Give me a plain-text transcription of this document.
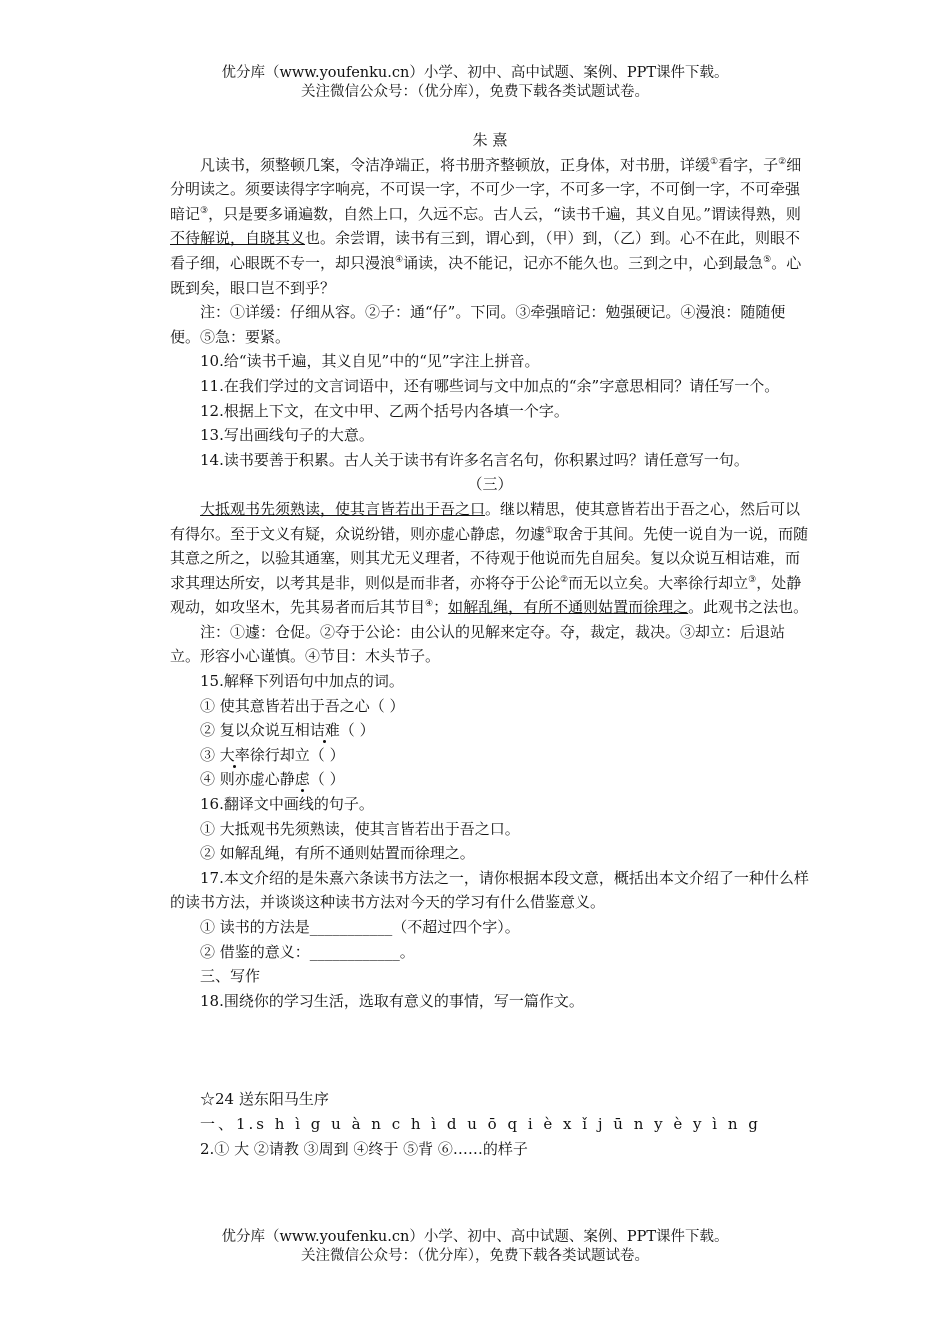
优分库（www.youfenku.cn）小学、初中、高中试题、案例、PPT课件下载。
关注微信公众号：（优分库），免费下载各类试题试卷。

朱 熹

凡读书，须整顿几案，令洁净端正，将书册齐整顿放，正身体，对书册，详缓①看字，子②细分明读之。须要读得字字响亮，不可误一字，不可少一字，不可多一字，不可倒一字，不可牵强暗记③，只是要多诵遍数，自然上口，久远不忘。古人云，“读书千遍，其义自见。”谓读得熟，则不待解说，自晓其义也。余尝谓，读书有三到，谓心到，（甲）到，（乙）到。心不在此，则眼不看子细，心眼既不专一，却只漫浪④诵读，决不能记，记亦不能久也。三到之中，心到最急⑤。心既到矣，眼口岂不到乎？

注：①详缓：仔细从容。②子：通“仔”。下同。③牵强暗记：勉强硬记。④漫浪：随随便便。⑤急：要紧。

10.给“读书千遍，其义自见”中的“见”字注上拼音。

11.在我们学过的文言词语中，还有哪些词与文中加点的“余”字意思相同？请任写一个。

12.根据上下文，在文中甲、乙两个括号内各填一个字。

13.写出画线句子的大意。

14.读书要善于积累。古人关于读书有许多名言名句，你积累过吗？请任意写一句。

（三）

大抵观书先须熟读，使其言皆若出于吾之口。继以精思，使其意皆若出于吾之心，然后可以有得尔。至于文义有疑，众说纷错，则亦虚心静虑，勿遽①取舍于其间。先使一说自为一说，而随其意之所之，以验其通塞，则其尤无义理者，不待观于他说而先自屈矣。复以众说互相诘难，而求其理达所安，以考其是非，则似是而非者，亦将夺于公论②而无以立矣。大率徐行却立③，处静观动，如攻坚木，先其易者而后其节目④；如解乱绳，有所不通则姑置而徐理之。此观书之法也。

注：①遽：仓促。②夺于公论：由公认的见解来定夺。夺，裁定，裁决。③却立：后退站立。形容小心谨慎。④节目：木头节子。

15.解释下列语句中加点的词。

① 使其意皆若出于吾之心（ ）

② 复以众说互相诘难（ ）

③ 大率徐行却立（ ）

④ 则亦虚心静虑（ ）

16.翻译文中画线的句子。

① 大抵观书先须熟读，使其言皆若出于吾之口。

② 如解乱绳，有所不通则姑置而徐理之。

17.本文介绍的是朱熹六条读书方法之一，请你根据本段文意，概括出本文介绍了一种什么样的读书方法，并谈谈这种读书方法对今天的学习有什么借鉴意义。

① 读书的方法是___________（不超过四个字）。

② 借鉴的意义：____________。

三、写作

18.围绕你的学习生活，选取有意义的事情，写一篇作文。

☆24 送东阳马生序

一、1.s h ì g u à n c h ì d u ō q i è x ǐ j ū n y è y ì n g

2.① 大 ②请教 ③周到 ④终于 ⑤背 ⑥……的样子

优分库（www.youfenku.cn）小学、初中、高中试题、案例、PPT课件下载。
关注微信公众号：（优分库），免费下载各类试题试卷。
